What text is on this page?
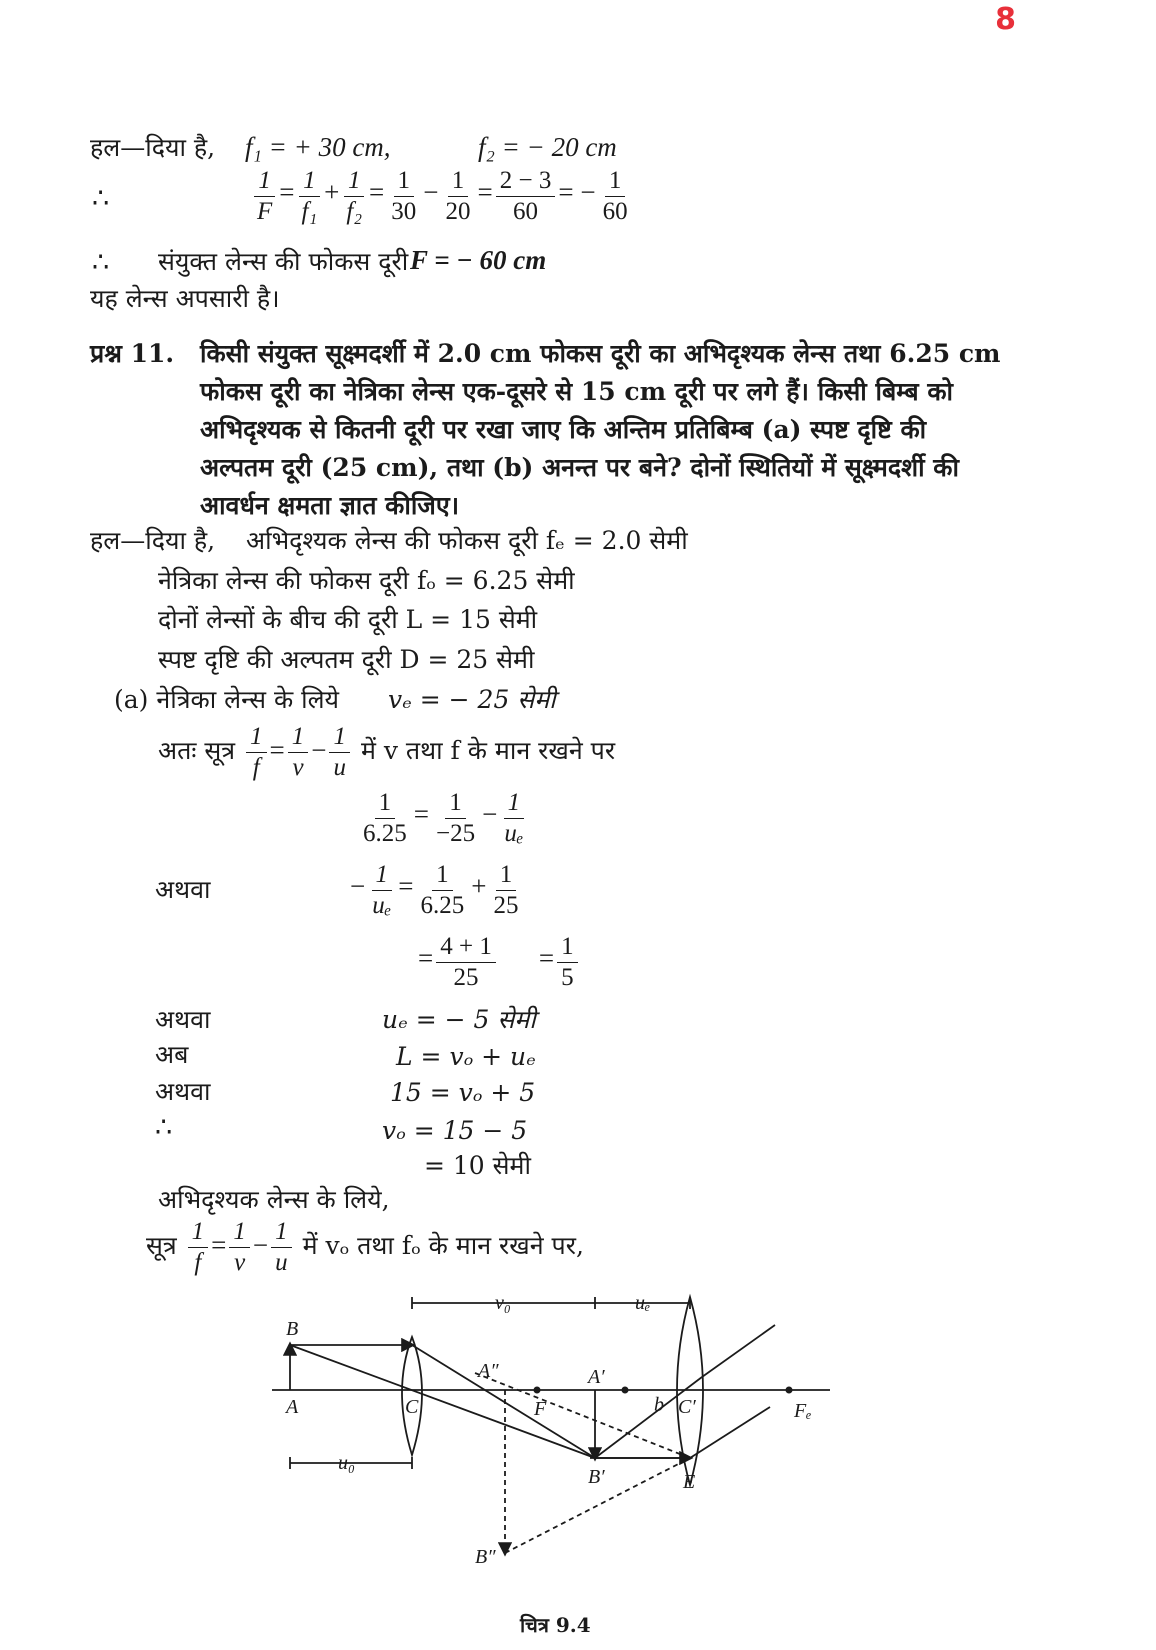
8
हल—दिया है, f₁ = + 30 cm,	f₂ = − 20 cm
∴	$\frac{1}{F} = \frac{1}{\text{f₁}} + \frac{1}{\text{f₂}} = \frac{1}{30} - \frac{1}{20} = \frac{2 - 3}{60}$ = − $\frac{1}{60}$
∴ संयुक्त लेन्स की फोकस दूरी F = − 60 cm
यह लेन्स अपसारी है।
प्रश्न 11. किसी संयुक्त सूक्ष्मदर्शी में 2.0 cm फोकस दूरी का अभिदृश्यक लेन्स तथा 6.25 cm
फोकस दूरी का नेत्रिका लेन्स एक-दूसरे से 15 cm दूरी पर लगे हैं। किसी बिम्ब को
अभिदृश्यक से कितनी दूरी पर रखा जाए कि अन्तिम प्रतिबिम्ब (a) स्पष्ट दृष्टि की
अल्पतम दूरी (25 cm), तथा (b) अनन्त पर बने? दोनों स्थितियों में सूक्ष्मदर्शी की
आवर्धन क्षमता ज्ञात कीजिए।
हल—दिया है, अभिदृश्यक लेन्स की फोकस दूरी fₑ = 2.0 सेमी
नेत्रिका लेन्स की फोकस दूरी fₒ = 6.25 सेमी
दोनों लेन्सों के बीच की दूरी L = 15 सेमी
स्पष्ट दृष्टि की अल्पतम दूरी D = 25 सेमी
(a) नेत्रिका लेन्स के लिये vₑ = − 25 सेमी
अतः सूत्र $\frac{1}{f} = \frac{1}{v} - \frac{1}{u}$ में v तथा f के मान रखने पर
$\frac{1}{6.25} = \frac{1}{-25} - \frac{1}{\text{uₑ}}$
अथवा	− $\frac{1}{\text{uₑ}} = \frac{1}{6.25} + \frac{1}{25}$
= $\frac{4 + 1}{25} = \frac{1}{5}$
अथवा	uₑ = − 5 सेमी
अब	L = vₒ + uₑ
अथवा	15 = vₒ + 5
∴	vₒ = 15 − 5
= 10 सेमी
अभिदृश्यक लेन्स के लिये,
सूत्र $\frac{1}{f} = \frac{1}{v} - \frac{1}{u}$ में vₒ तथा fₒ के मान रखने पर,
B
A	C
A″
F
A′
b C′	Fₑ
B′	E
B″
v₀	uₑ
u₀
चित्र 9.4
